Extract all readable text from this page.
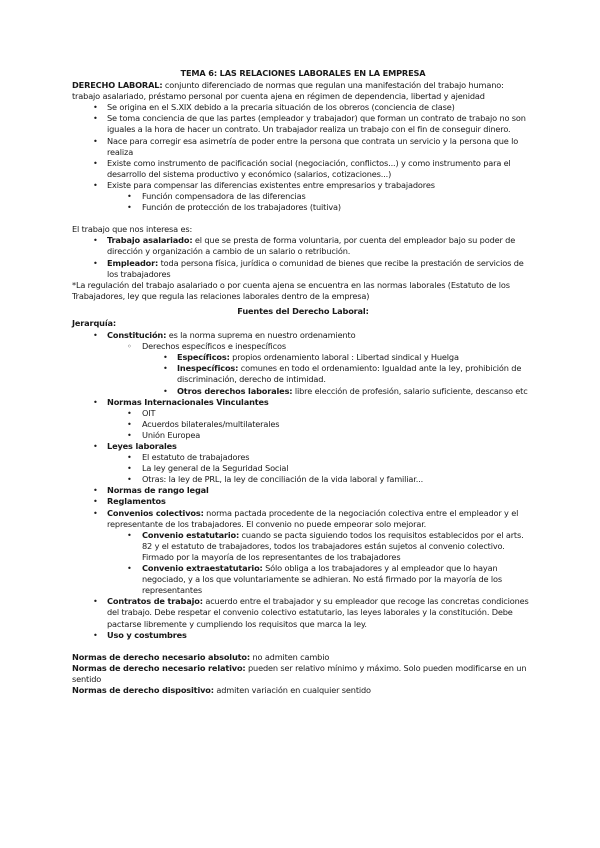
TEMA 6: LAS RELACIONES LABORALES EN LA EMPRESA
DERECHO LABORAL: conjunto diferenciado de normas que regulan una manifestación del trabajo humano: trabajo asalariado, préstamo personal por cuenta ajena en régimen de dependencia, libertad y ajenidad
• Se origina en el S.XIX debido a la precaria situación de los obreros (conciencia de clase)
• Se toma conciencia de que las partes (empleador y trabajador) que forman un contrato de trabajo no son iguales a la hora de hacer un contrato. Un trabajador realiza un trabajo con el fin de conseguir dinero.
• Nace para corregir esa asimetría de poder entre la persona que contrata un servicio y la persona que lo realiza
• Existe como instrumento de pacificación social (negociación, conflictos...) y como instrumento para el desarrollo del sistema productivo y económico (salarios, cotizaciones...)
• Existe para compensar las diferencias existentes entre empresarios y trabajadores
• Función compensadora de las diferencias
• Función de protección de los trabajadores (tuitiva)
El trabajo que nos interesa es:
• Trabajo asalariado: el que se presta de forma voluntaria, por cuenta del empleador bajo su poder de dirección y organización a cambio de un salario o retribución.
• Empleador: toda persona física, jurídica o comunidad de bienes que recibe la prestación de servicios de los trabajadores
*La regulación del trabajo asalariado o por cuenta ajena se encuentra en las normas laborales (Estatuto de los Trabajadores, ley que regula las relaciones laborales dentro de la empresa)
Fuentes del Derecho Laboral:
Jerarquía:
• Constitución: es la norma suprema en nuestro ordenamiento
◦ Derechos específicos e inespecíficos
• Específicos: propios ordenamiento laboral : Libertad sindical y Huelga
• Inespecíficos: comunes en todo el ordenamiento: Igualdad ante la ley, prohibición de discriminación, derecho de intimidad.
• Otros derechos laborales: libre elección de profesión, salario suficiente, descanso etc
• Normas Internacionales Vinculantes
• OIT
• Acuerdos bilaterales/multilaterales
• Unión Europea
• Leyes laborales
• El estatuto de trabajadores
• La ley general de la Seguridad Social
• Otras: la ley de PRL, la ley de conciliación de la vida laboral y familiar...
• Normas de rango legal
• Reglamentos
• Convenios colectivos: norma pactada procedente de la negociación colectiva entre el empleador y el representante de los trabajadores. El convenio no puede empeorar solo mejorar.
• Convenio estatutario: cuando se pacta siguiendo todos los requisitos establecidos por el arts. 82 y el estatuto de trabajadores, todos los trabajadores están sujetos al convenio colectivo. Firmado por la mayoría de los representantes de los trabajadores
• Convenio extraestatutario: Sólo obliga a los trabajadores y al empleador que lo hayan negociado, y a los que voluntariamente se adhieran. No está firmado por la mayoría de los representantes
• Contratos de trabajo: acuerdo entre el trabajador y su empleador que recoge las concretas condiciones del trabajo. Debe respetar el convenio colectivo estatutario, las leyes laborales y la constitución. Debe pactarse libremente y cumpliendo los requisitos que marca la ley.
• Uso y costumbres
Normas de derecho necesario absoluto: no admiten cambio
Normas de derecho necesario relativo: pueden ser relativo mínimo y máximo. Solo pueden modificarse en un sentido
Normas de derecho dispositivo: admiten variación en cualquier sentido
